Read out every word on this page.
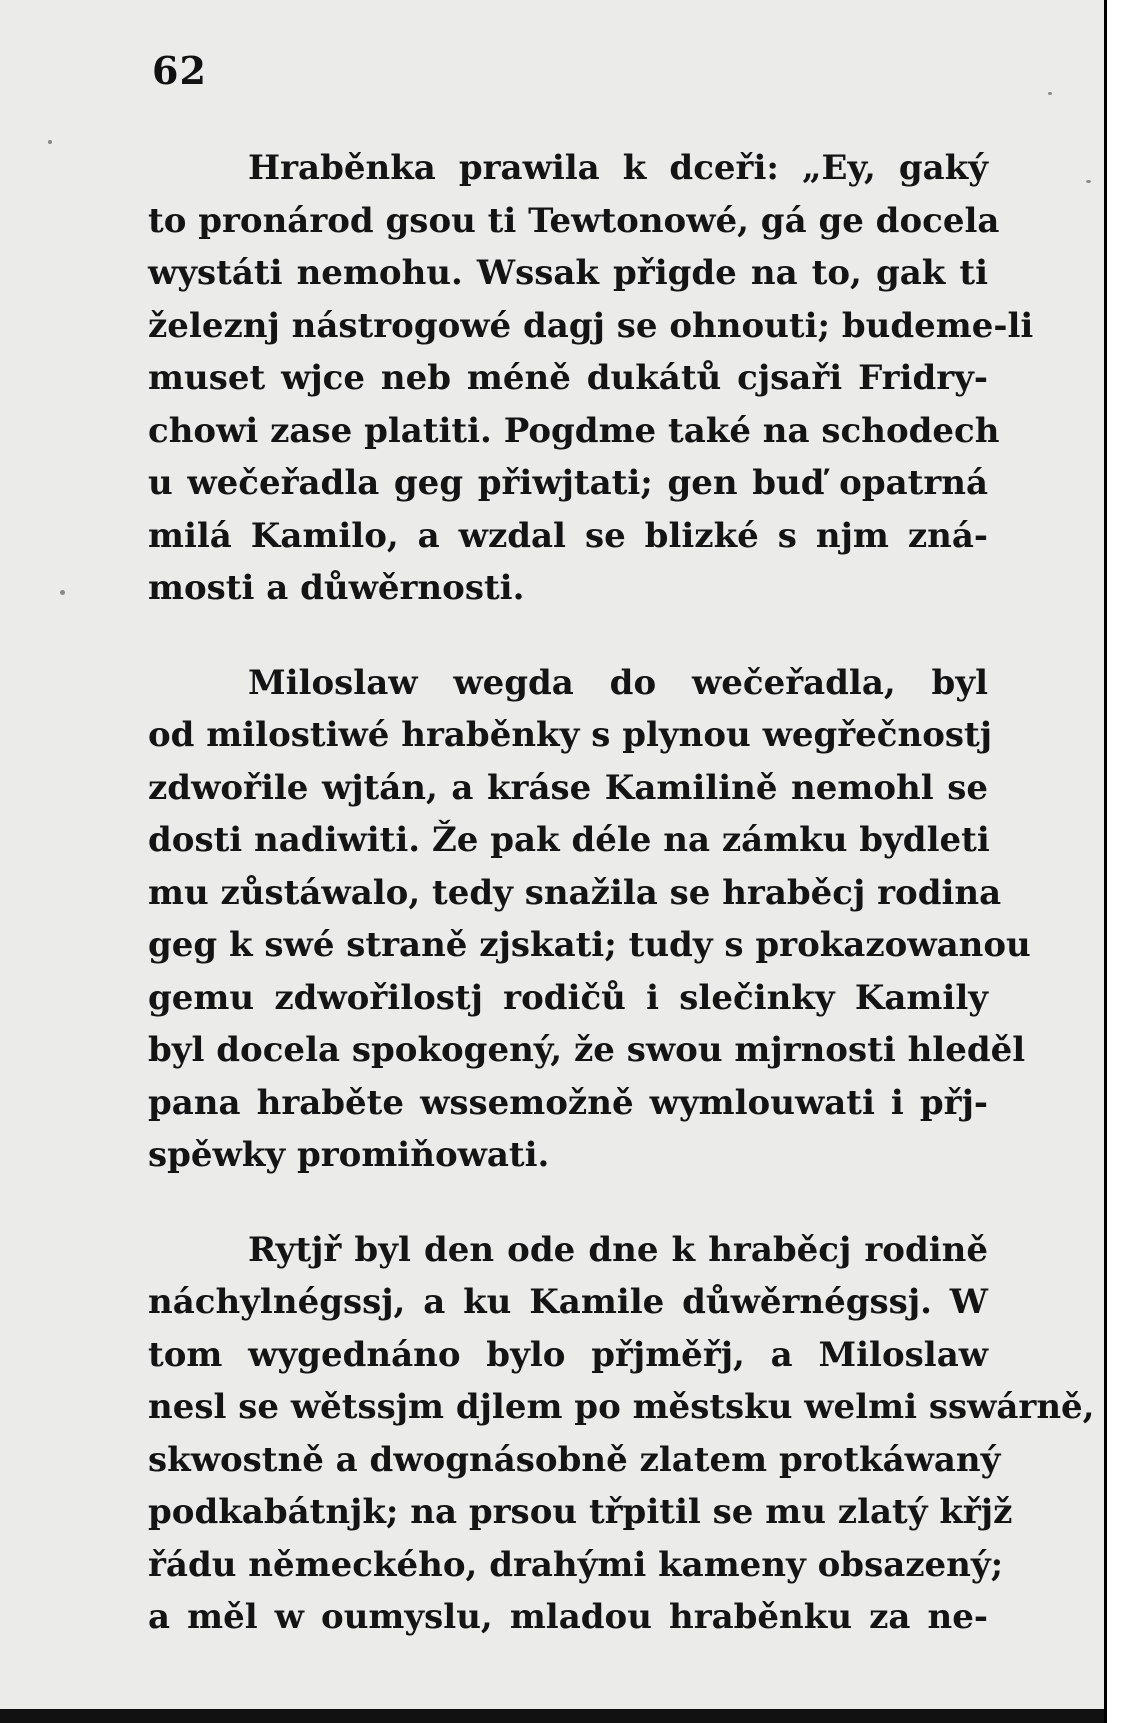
62
Hraběnka prawila k dceři: „Ey, gaký
to pronárod gsou ti Tewtonowé, gá ge docela
wystáti nemohu. Wssak přigde na to, gak ti
železnj nástrogowé dagj se ohnouti; budeme-li
muset wjce neb méně dukátů cjsaři Fridry-
chowi zase platiti. Pogdme také na schodech
u wečeřadla geg přiwjtati; gen buď opatrná
milá Kamilo, a wzdal se blizké s njm zná-
mosti a důwěrnosti.
Miloslaw wegda do wečeřadla, byl
od milostiwé hraběnky s plynou wegřečnostj
zdwořile wjtán, a kráse Kamilině nemohl se
dosti nadiwiti. Že pak déle na zámku bydleti
mu zůstáwalo, tedy snažila se hraběcj rodina
geg k swé straně zjskati; tudy s prokazowanou
gemu zdwořilostj rodičů i slečinky Kamily
byl docela spokogený, že swou mjrnosti hleděl
pana hraběte wssemožně wymlouwati i přj-
spěwky promiňowati.
Rytjř byl den ode dne k hraběcj rodině
náchylnégssj, a ku Kamile důwěrnégssj. W
tom wygednáno bylo přjměřj, a Miloslaw
nesl se wětssjm djlem po městsku welmi sswárně,
skwostně a dwognásobně zlatem protkáwaný
podkabátnjk; na prsou třpitil se mu zlatý křjž
řádu německého, drahými kameny obsazený;
a měl w oumyslu, mladou hraběnku za ne-
